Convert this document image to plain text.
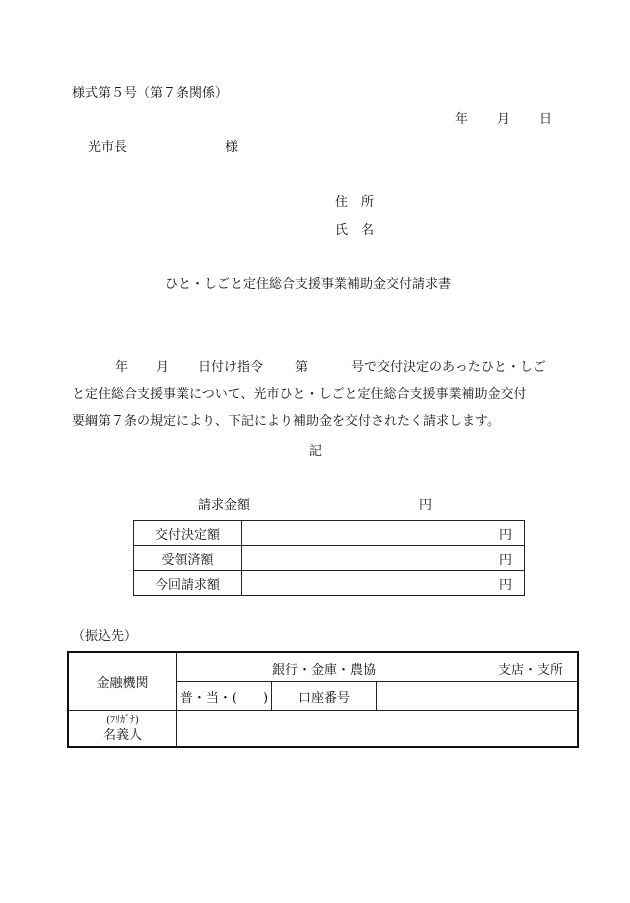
様式第５号（第７条関係）
年 月 日
光市長	様
住　所
氏　名
ひと・しごと定住総合支援事業補助金交付請求書
年 月 日付け指令 第	号で交付決定のあったひと・しご
と定住総合支援事業について、光市ひと・しごと定住総合支援事業補助金交付
要綱第７条の規定により、下記により補助金を交付されたく請求します。
記
請求金額	円
交付決定額	円
受領済額	円
今回請求額	円
（振込先）
金融機関	銀行・金庫・農協 支店・支所		

	普・当・(　　)	口座番号	

(ﾌﾘｶﾞﾅ)
名義人			
